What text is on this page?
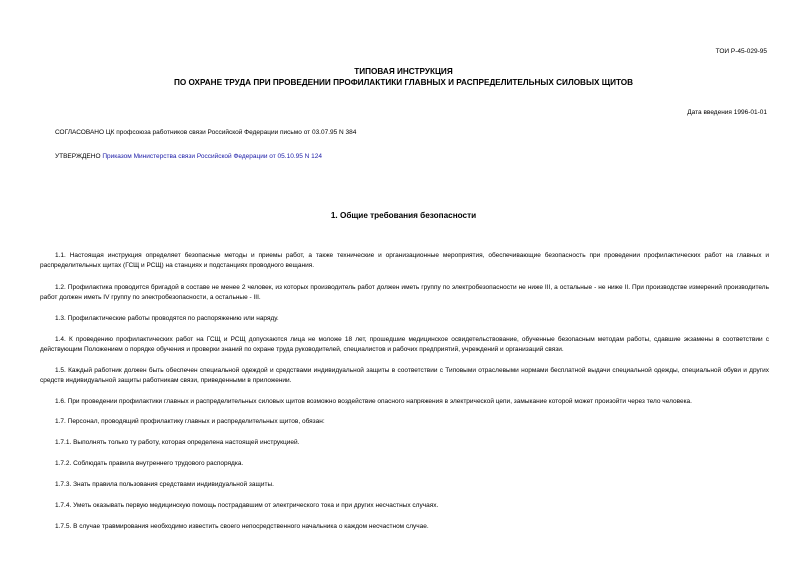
ТОИ Р-45-029-95
ТИПОВАЯ ИНСТРУКЦИЯ
ПО ОХРАНЕ ТРУДА ПРИ ПРОВЕДЕНИИ ПРОФИЛАКТИКИ ГЛАВНЫХ И РАСПРЕДЕЛИТЕЛЬНЫХ СИЛОВЫХ ЩИТОВ
Дата введения 1996-01-01
СОГЛАСОВАНО ЦК профсоюза работников связи Российской Федерации письмо от 03.07.95 N 384
УТВЕРЖДЕНО Приказом Министерства связи Российской Федерации от 05.10.95 N 124
1. Общие требования безопасности
1.1. Настоящая инструкция определяет безопасные методы и приемы работ, а также технические и организационные мероприятия, обеспечивающие безопасность при проведении профилактических работ на главных и распределительных щитах (ГСЩ и РСЩ) на станциях и подстанциях проводного вещания.
1.2. Профилактика проводится бригадой в составе не менее 2 человек, из которых производитель работ должен иметь группу по электробезопасности не ниже III, а остальные - не ниже II. При производстве измерений производитель работ должен иметь IV группу по электробезопасности, а остальные - III.
1.3. Профилактические работы проводятся по распоряжению или наряду.
1.4. К проведению профилактических работ на ГСЩ и РСЩ допускаются лица не моложе 18 лет, прошедшие медицинское освидетельствование, обученные безопасным методам работы, сдавшие экзамены в соответствии с действующим Положением о порядке обучения и проверки знаний по охране труда руководителей, специалистов и рабочих предприятий, учреждений и организаций связи.
1.5. Каждый работник должен быть обеспечен специальной одеждой и средствами индивидуальной защиты в соответствии с Типовыми отраслевыми нормами бесплатной выдачи специальной одежды, специальной обуви и других средств индивидуальной защиты работникам связи, приведенными в приложении.
1.6. При проведении профилактики главных и распределительных силовых щитов возможно воздействие опасного напряжения в электрической цепи, замыкание которой может произойти через тело человека.
1.7. Персонал, проводящий профилактику главных и распределительных щитов, обязан:
1.7.1. Выполнять только ту работу, которая определена настоящей инструкцией.
1.7.2. Соблюдать правила внутреннего трудового распорядка.
1.7.3. Знать правила пользования средствами индивидуальной защиты.
1.7.4. Уметь оказывать первую медицинскую помощь пострадавшим от электрического тока и при других несчастных случаях.
1.7.5. В случае травмирования необходимо известить своего непосредственного начальника о каждом несчастном случае.
